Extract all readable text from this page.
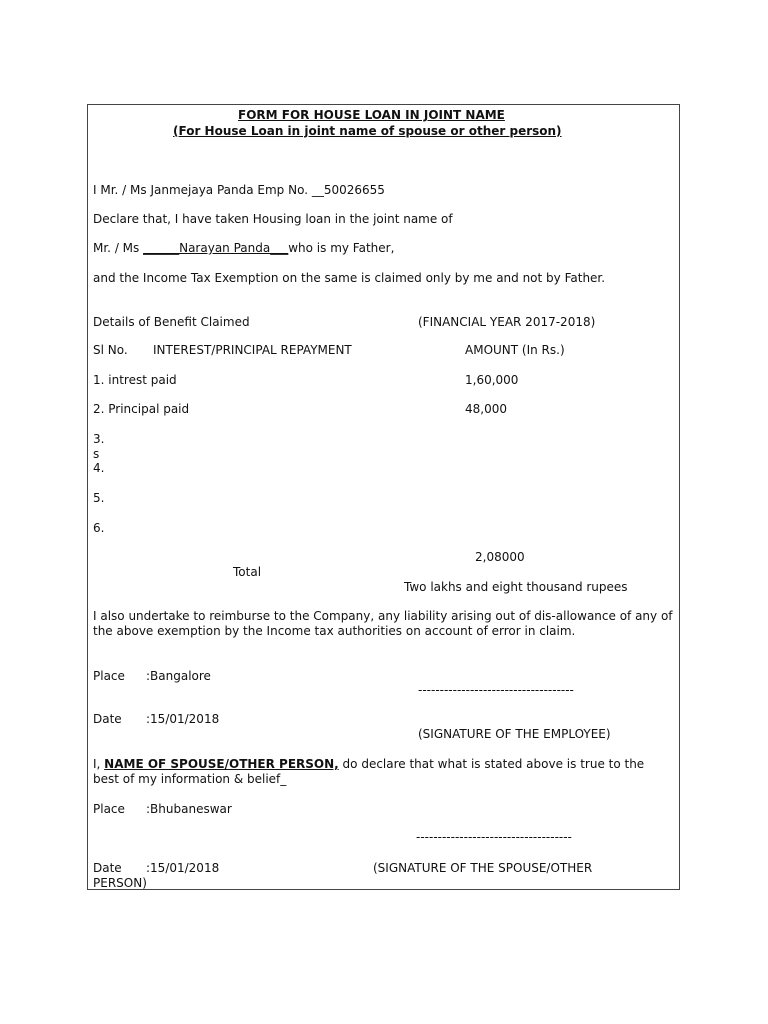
FORM FOR HOUSE LOAN IN JOINT NAME
(For House Loan in joint name of spouse or other person)
I Mr. / Ms Janmejaya Panda Emp No. __50026655
Declare that, I have taken Housing loan in the joint name of
Mr. / Ms ______Narayan Panda___who is my Father,
and the Income Tax Exemption on the same is claimed only by me and not by Father.
Details of Benefit Claimed	(FINANCIAL YEAR 2017-2018)
Sl No. INTEREST/PRINCIPAL REPAYMENT	AMOUNT (In Rs.)
1. intrest paid	1,60,000
2. Principal paid	48,000
3.
s
4.
5.
6.
2,08000
Total
Two lakhs and eight thousand rupees
I also undertake to reimburse to the Company, any liability arising out of dis-allowance of any of the above exemption by the Income tax authorities on account of error in claim.
Place :Bangalore
------------------------------------
Date :15/01/2018
(SIGNATURE OF THE EMPLOYEE)
I, NAME OF SPOUSE/OTHER PERSON, do declare that what is stated above is true to the best of my information & belief_
Place :Bhubaneswar
------------------------------------
Date :15/01/2018	(SIGNATURE OF THE SPOUSE/OTHER
PERSON)
